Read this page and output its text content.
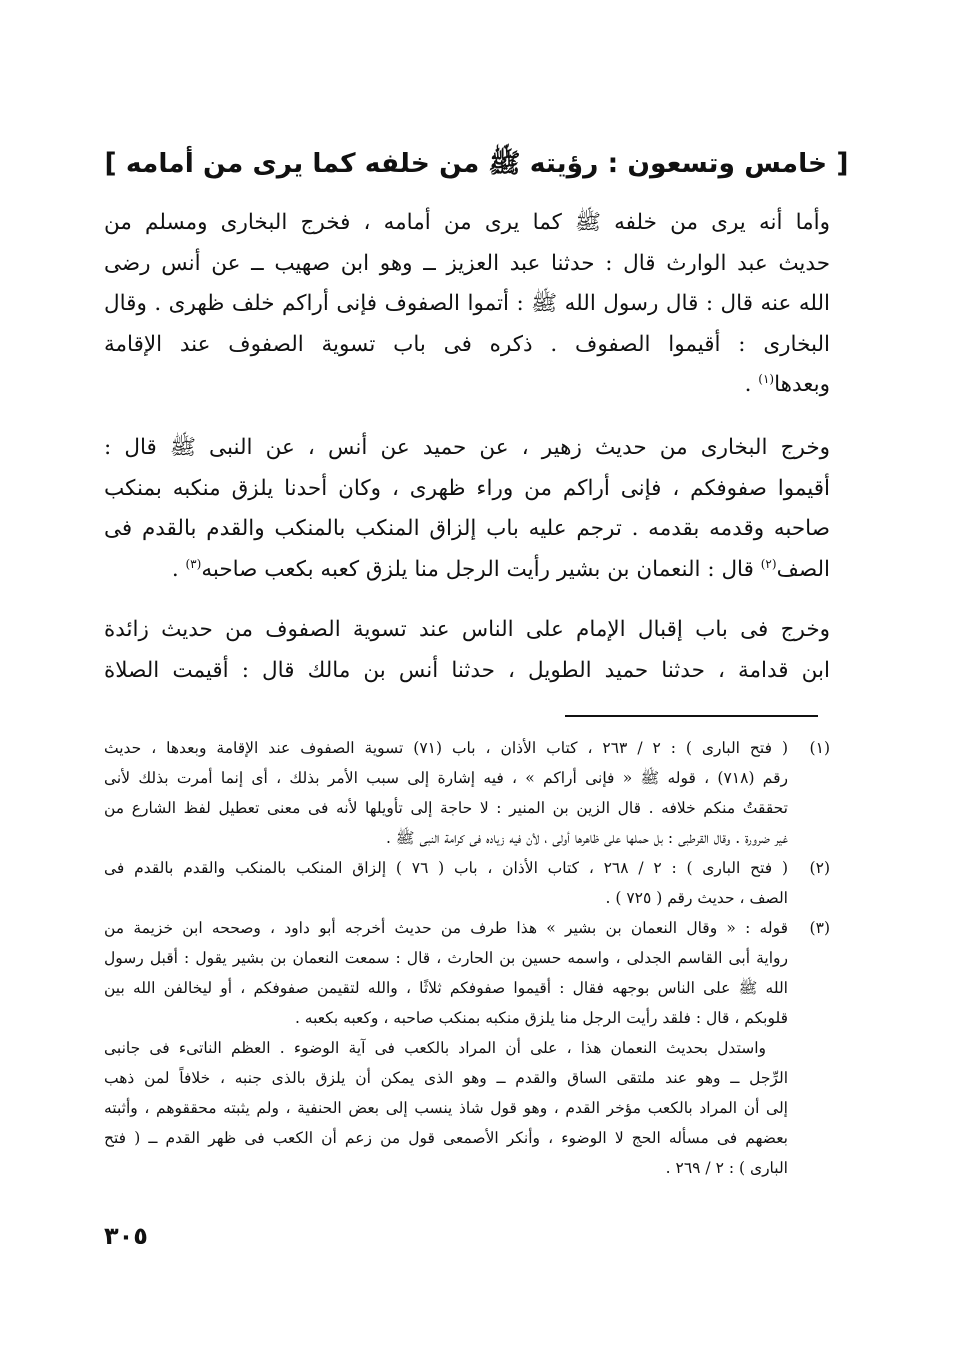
[ خامس وتسعون : رؤيته ﷺ من خلفه كما يرى من أمامه ]
وأما أنه يرى من خلفه ﷺ كما يرى من أمامه ، فخرج البخارى ومسلم من
حديث عبد الوارث قال : حدثنا عبد العزيز ــ وهو ابن صهيب ــ عن أنس رضى
الله عنه قال : قال رسول الله ﷺ : أتموا الصفوف فإنى أراكم خلف ظهرى . وقال
البخارى : أقيموا الصفوف . ذكره فى باب تسوية الصفوف عند الإقامة
وبعدها$^{(١)}$ .
وخرج البخارى من حديث زهير ، عن حميد عن أنس ، عن النبى ﷺ قال :
أقيموا صفوفكم ، فإنى أراكم من وراء ظهرى ، وكان أحدنا يلزق منكبه بمنكب
صاحبه وقدمه بقدمه . ترجم عليه باب إلزاق المنكب بالمنكب والقدم بالقدم فى
الصف$^{(٢)}$ قال : النعمان بن بشير رأيت الرجل منا يلزق كعبه بكعب صاحبه$^{(٣)}$ .
وخرج فى باب إقبال الإمام على الناس عند تسوية الصفوف من حديث زائدة
ابن قدامة ، حدثنا حميد الطويل ، حدثنا أنس بن مالك قال : أقيمت الصلاة
(١)
( فتح البارى ) : ٢ / ٢٦٣ ، كتاب الأذان ، باب (٧١) تسوية الصفوف عند الإقامة وبعدها ، حديث
رقم (٧١٨) ، قوله ﷺ « فإنى أراكم » ، فيه إشارة إلى سبب الأمر بذلك ، أى إنما أمرت بذلك لأنى
تحققتُ منكم خلافه . قال الزين بن المنير : لا حاجة إلى تأويلها لأنه فى معنى تعطيل لفظ الشارع من
غير ضرورة . وقال القرطبى : بل حملها على ظاهرها أولى ، لأن فيه زياده فى كرامة النبى ﷺ .
(٢)
( فتح البارى ) : ٢ / ٢٦٨ ، كتاب الأذان ، باب ( ٧٦ ) إلزاق المنكب بالمنكب والقدم بالقدم فى
الصف ، حديث رقم ( ٧٢٥ ) .
(٣)
قوله : « وقال النعمان بن بشير » هذا طرف من حديث أخرجه أبو داود ، وصححه ابن خزيمة من
رواية أبى القاسم الجدلى ، واسمه حسين بن الحارث ، قال : سمعت النعمان بن بشير يقول : أقبل رسول
الله ﷺ على الناس بوجهه فقال : أقيموا صفوفكم ثلاثًا ، والله لتقيمن صفوفكم ، أو ليخالفن الله بين
قلوبكم ، قال : فلقد رأيت الرجل منا يلزق منكبه بمنكب صاحبه ، وكعبه بكعبه .
واستدل بحديث النعمان هذا ، على أن المراد بالكعب فى آية الوضوء . العظم الناتىء فى جانبى
الرِّجل ــ وهو عند ملتقى الساق والقدم ــ وهو الذى يمكن أن يلزق بالذى جنبه ، خلافاً لمن ذهب
إلى أن المراد بالكعب مؤخر القدم ، وهو قول شاذ ينسب إلى بعض الحنفية ، ولم يثبته محققوهم ، وأثبته
بعضهم فى مسأله الحج لا الوضوء ، وأنكر الأصمعى قول من زعم أن الكعب فى ظهر القدم ــ ( فتح
البارى ) : ٢ / ٢٦٩ .
٣٠٥
